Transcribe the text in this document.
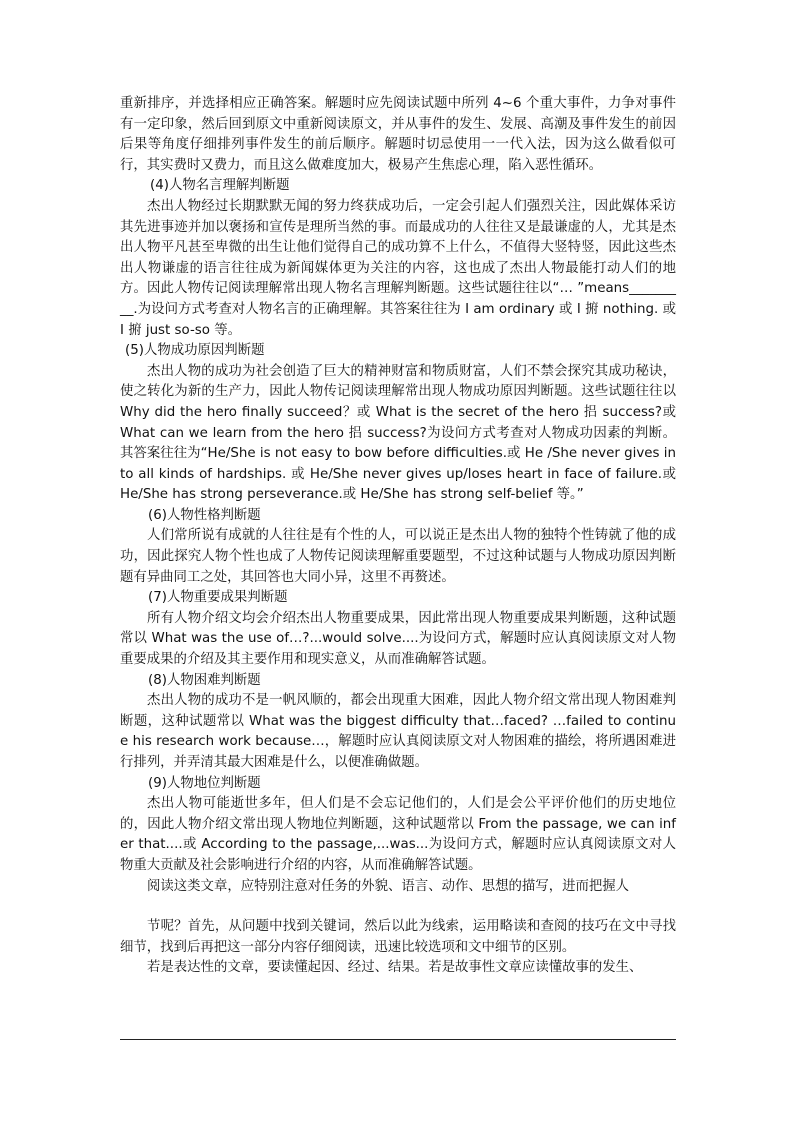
重新排序，并选择相应正确答案。解题时应先阅读试题中所列 4~6 个重大事件，力争对事件有一定印象，然后回到原文中重新阅读原文，并从事件的发生、发展、高潮及事件发生的前因后果等角度仔细排列事件发生的前后顺序。解题时切忌使用一一代入法，因为这么做看似可行，其实费时又费力，而且这么做难度加大，极易产生焦虑心理，陷入恶性循环。

(4)人物名言理解判断题

杰出人物经过长期默默无闻的努力终获成功后，一定会引起人们强烈关注，因此媒体采访其先进事迹并加以褒扬和宣传是理所当然的事。而最成功的人往往又是最谦虚的人，尤其是杰出人物平凡甚至卑微的出生让他们觉得自己的成功算不上什么，不值得大竖特竖，因此这些杰出人物谦虚的语言往往成为新闻媒体更为关注的内容，这也成了杰出人物最能打动人们的地方。因此人物传记阅读理解常出现人物名言理解判断题。这些试题往往以“… ”means_________.为设问方式考查对人物名言的正确理解。其答案往往为 I am ordinary 或 I 捬 nothing. 或 I 捬 just so-so 等。

(5)人物成功原因判断题

杰出人物的成功为社会创造了巨大的精神财富和物质财富，人们不禁会探究其成功秘诀，使之转化为新的生产力，因此人物传记阅读理解常出现人物成功原因判断题。这些试题往往以 Why did the hero finally succeed？或 What is the secret of the hero 捛 success?或 What can we learn from the hero 捛 success?为设问方式考查对人物成功因素的判断。其答案往往为“He/She is not easy to bow before difficulties.或 He /She never gives in to all kinds of hardships. 或 He/She never gives up/loses heart in face of failure.或 He/She has strong perseverance.或 He/She has strong self-belief 等。”

(6)人物性格判断题

人们常所说有成就的人往往是有个性的人，可以说正是杰出人物的独特个性铸就了他的成功，因此探究人物个性也成了人物传记阅读理解重要题型，不过这种试题与人物成功原因判断题有异曲同工之处，其回答也大同小异，这里不再赘述。

(7)人物重要成果判断题

所有人物介绍文均会介绍杰出人物重要成果，因此常出现人物重要成果判断题，这种试题常以 What was the use of…?...would solve....为设问方式，解题时应认真阅读原文对人物重要成果的介绍及其主要作用和现实意义，从而准确解答试题。

(8)人物困难判断题

杰出人物的成功不是一帆风顺的，都会出现重大困难，因此人物介绍文常出现人物困难判断题，这种试题常以 What was the biggest difficulty that…faced? …failed to continue his research work because…，解题时应认真阅读原文对人物困难的描绘，将所遇困难进行排列，并弄清其最大困难是什么，以便准确做题。

(9)人物地位判断题

杰出人物可能逝世多年，但人们是不会忘记他们的，人们是会公平评价他们的历史地位的，因此人物介绍文常出现人物地位判断题，这种试题常以 From the passage, we can infer that....或 According to the passage,...was...为设问方式，解题时应认真阅读原文对人物重大贡献及社会影响进行介绍的内容，从而准确解答试题。

阅读这类文章，应特别注意对任务的外貌、语言、动作、思想的描写，进而把握人

节呢？首先，从问题中找到关键词，然后以此为线索，运用略读和查阅的技巧在文中寻找细节，找到后再把这一部分内容仔细阅读，迅速比较选项和文中细节的区别。

若是表达性的文章，要读懂起因、经过、结果。若是故事性文章应读懂故事的发生、
